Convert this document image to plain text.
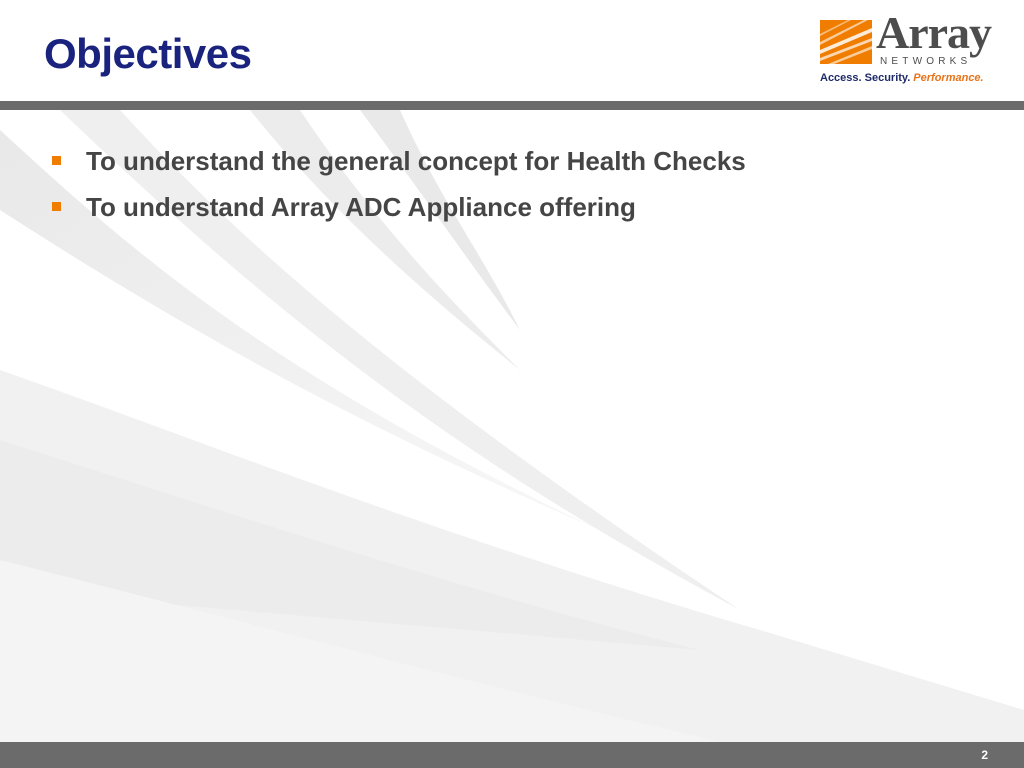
Objectives	Array
NETWORKS
Access. Security. Performance.
To understand the general concept for Health Checks
To understand Array ADC Appliance offering
2
